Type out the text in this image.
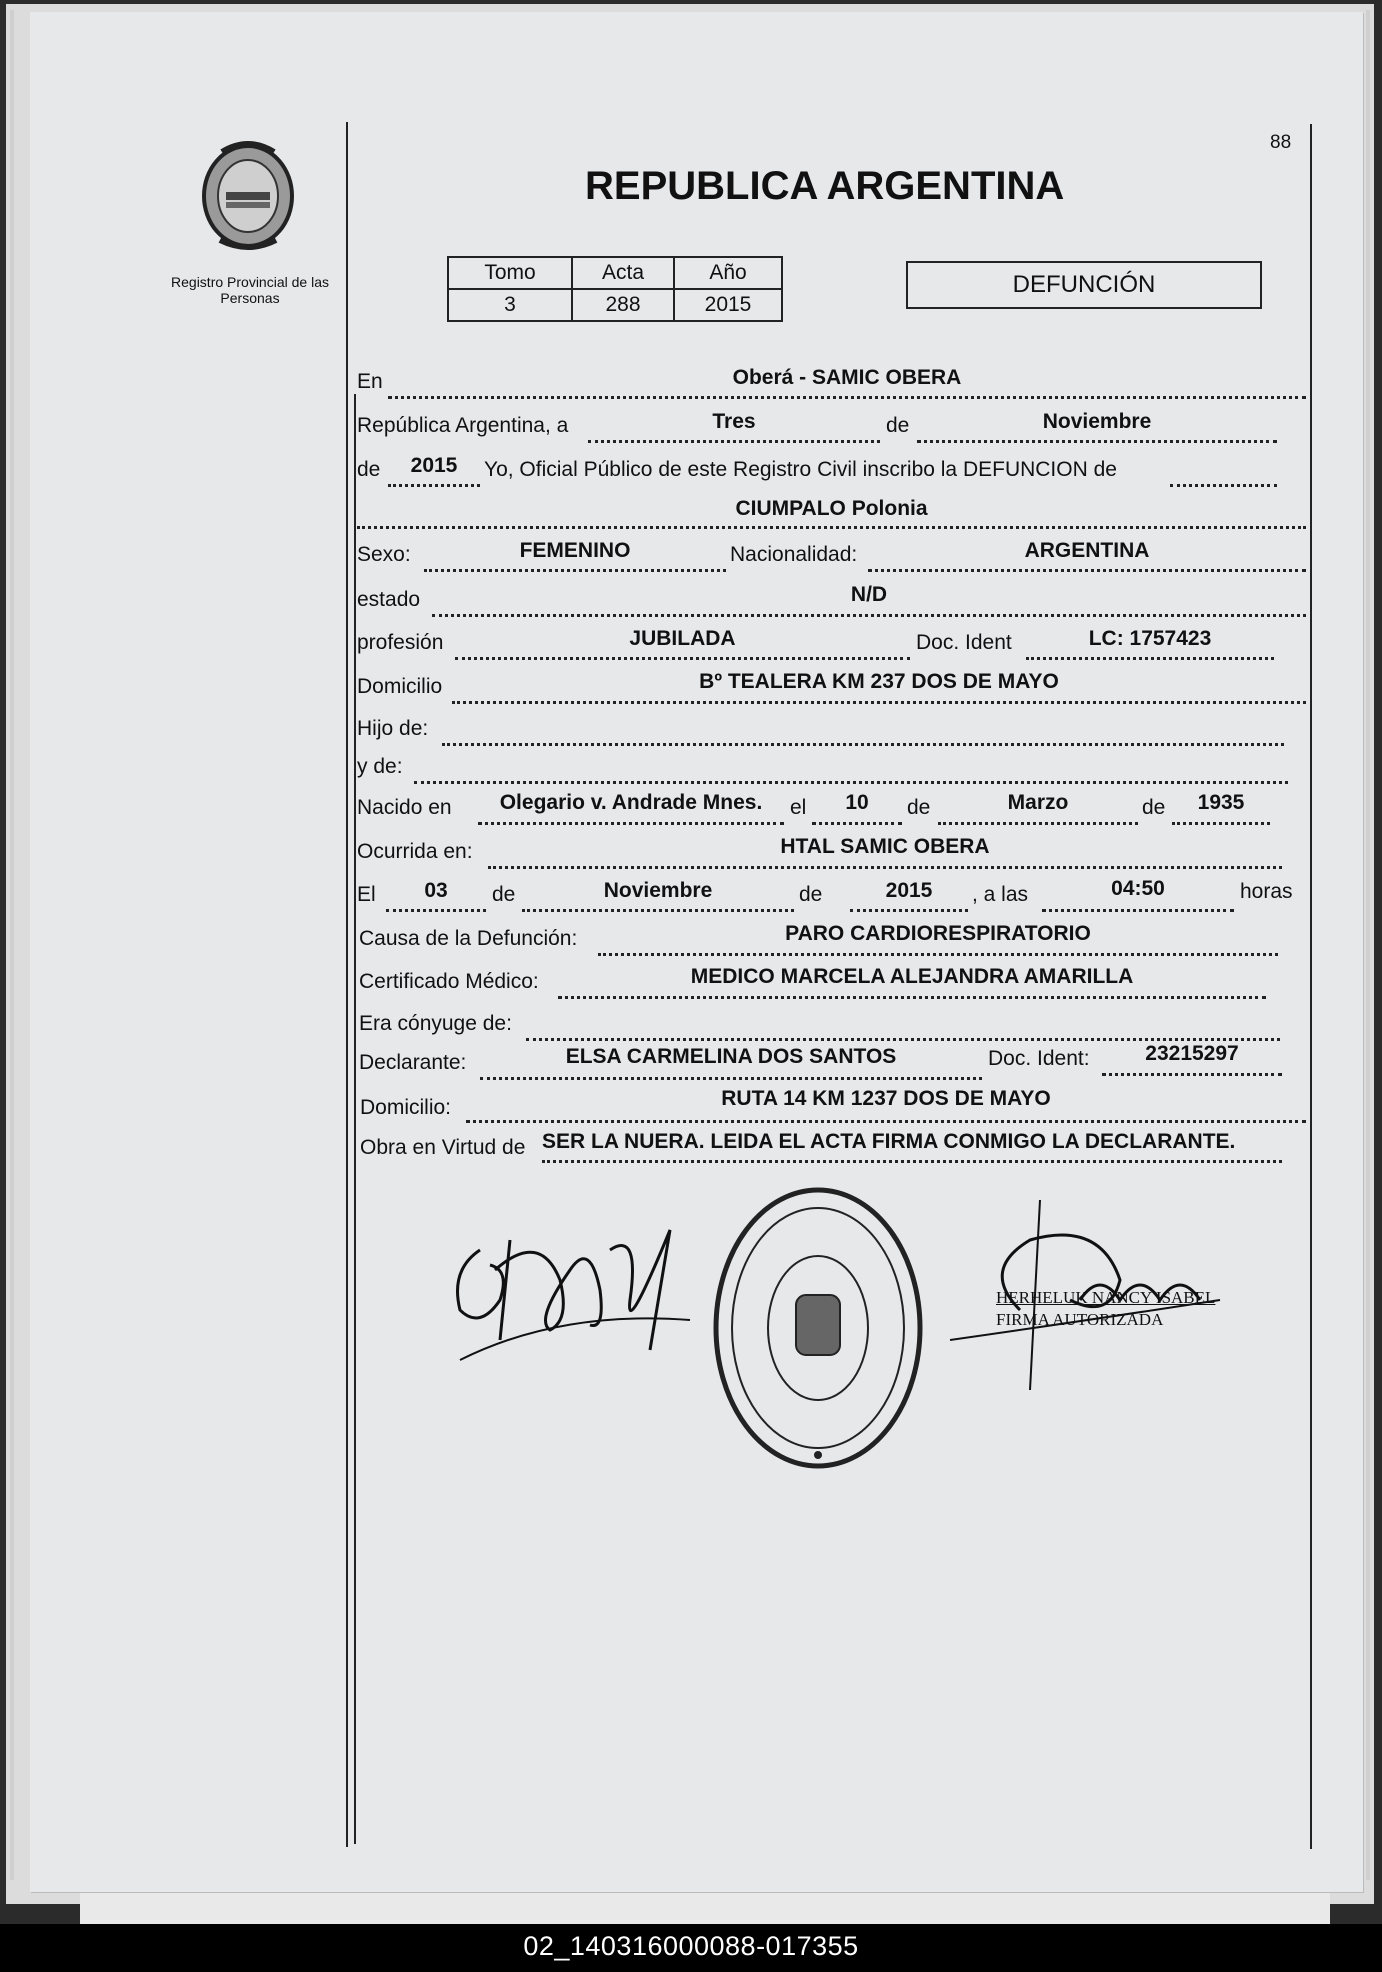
Registro Provincial de las Personas
88
REPUBLICA ARGENTINA
Tomo	Acta	Año
3	288	2015
DEFUNCIÓN
En	Oberá - SAMIC OBERA
República Argentina, a	Tres	de	Noviembre
de	2015	Yo, Oficial Público de este Registro Civil inscribo la DEFUNCION de
CIUMPALO Polonia
Sexo:	FEMENINO	Nacionalidad:	ARGENTINA
estado	N/D
profesión	JUBILADA	Doc. Ident	LC: 1757423
Domicilio	Bº TEALERA KM 237 DOS DE MAYO
Hijo de:
y de:
Nacido en	Olegario v. Andrade Mnes.	el	10	de	Marzo	de	1935
Ocurrida en:	HTAL SAMIC OBERA
El	03	de	Noviembre	de	2015	, a las	04:50	horas
Causa de la Defunción:	PARO CARDIORESPIRATORIO
Certificado Médico:	MEDICO MARCELA ALEJANDRA AMARILLA
Era cónyuge de:
Declarante:	ELSA CARMELINA DOS SANTOS	Doc. Ident:	23215297
Domicilio:	RUTA 14 KM 1237 DOS DE MAYO
Obra en Virtud de SER LA NUERA. LEIDA EL ACTA FIRMA CONMIGO LA DECLARANTE.
HERHELUK NANCY ISABEL
FIRMA AUTORIZADA
02_140316000088-017355
